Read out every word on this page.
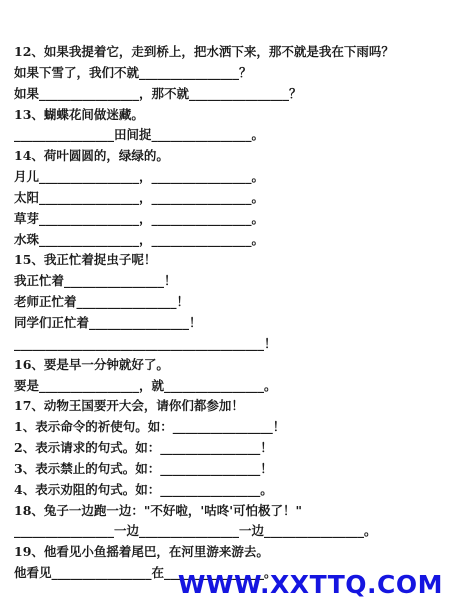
12、如果我提着它，走到桥上，把水洒下来，那不就是我在下雨吗？
如果下雪了，我们不就________________？
如果________________，那不就________________？
13、蝴蝶花间做迷藏。
________________田间捉________________。
14、荷叶圆圆的，绿绿的。
月儿________________，________________。
太阳________________，________________。
草芽________________，________________。
水珠________________，________________。
15、我正忙着捉虫子呢！
我正忙着________________！
老师正忙着________________！
同学们正忙着________________！
________________________________________！
16、要是早一分钟就好了。
要是________________，就________________。
17、动物王国要开大会，请你们都参加！
1、表示命令的祈使句。如：________________！
2、表示请求的句式。如：________________！
3、表示禁止的句式。如：________________！
4、表示劝阻的句式。如：________________。
18、兔子一边跑一边："不好啦，'咕咚'可怕极了！"
________________一边________________一边________________。
19、他看见小鱼摇着尾巴，在河里游来游去。
他看见________________在________________。
WWW.XXTTQ.COM
